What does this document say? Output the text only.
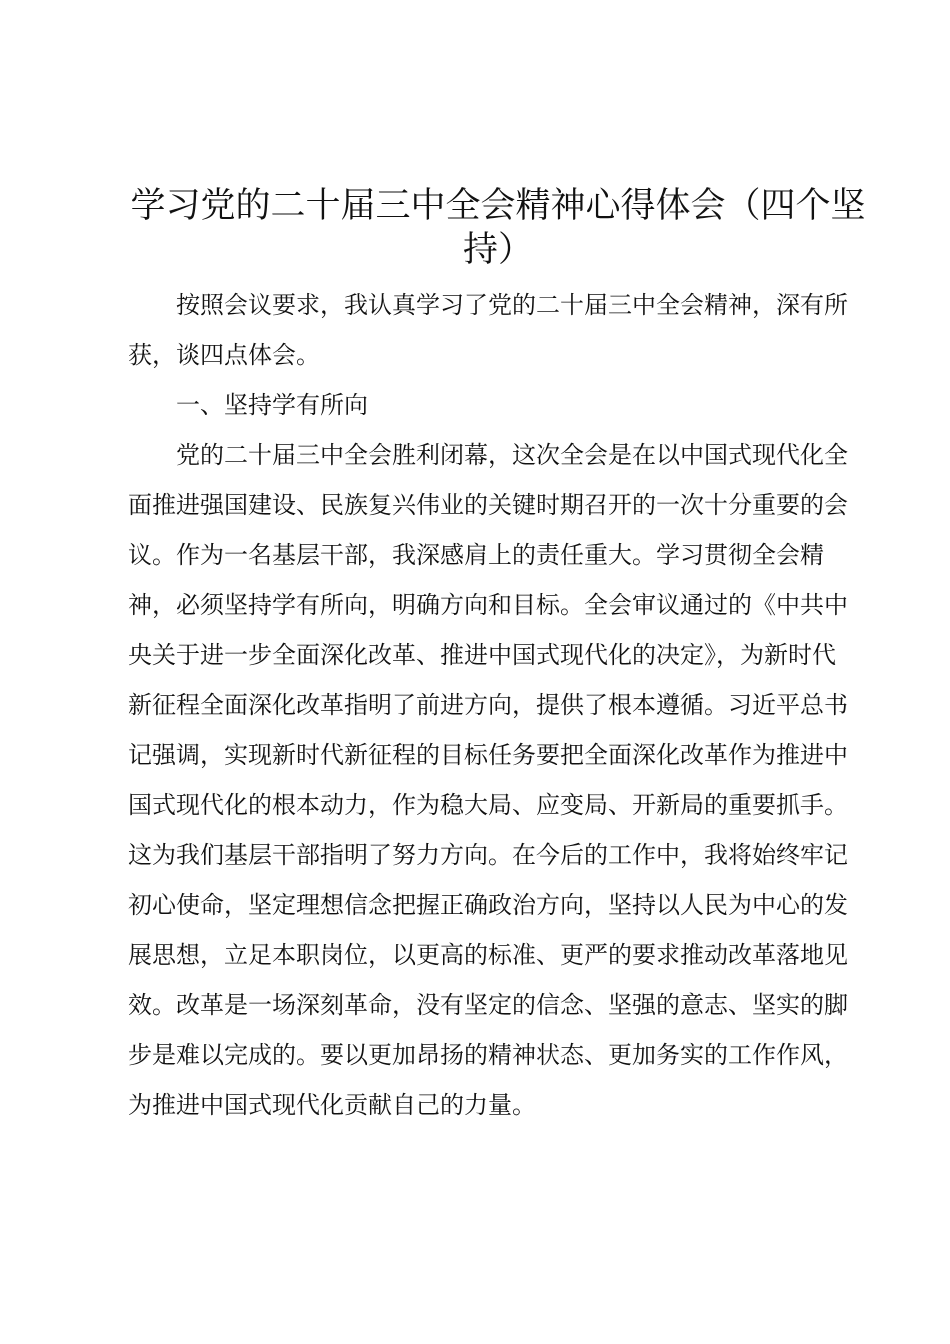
学习党的二十届三中全会精神心得体会（四个坚
持）

按照会议要求，我认真学习了党的二十届三中全会精神，深有所获，谈四点体会。

一、坚持学有所向

党的二十届三中全会胜利闭幕，这次全会是在以中国式现代化全面推进强国建设、民族复兴伟业的关键时期召开的一次十分重要的会议。作为一名基层干部，我深感肩上的责任重大。学习贯彻全会精神，必须坚持学有所向，明确方向和目标。全会审议通过的《中共中央关于进一步全面深化改革、推进中国式现代化的决定》，为新时代新征程全面深化改革指明了前进方向，提供了根本遵循。习近平总书记强调，实现新时代新征程的目标任务要把全面深化改革作为推进中国式现代化的根本动力，作为稳大局、应变局、开新局的重要抓手。这为我们基层干部指明了努力方向。在今后的工作中，我将始终牢记初心使命，坚定理想信念把握正确政治方向，坚持以人民为中心的发展思想，立足本职岗位，以更高的标准、更严的要求推动改革落地见效。改革是一场深刻革命，没有坚定的信念、坚强的意志、坚实的脚步是难以完成的。要以更加昂扬的精神状态、更加务实的工作作风，为推进中国式现代化贡献自己的力量。
